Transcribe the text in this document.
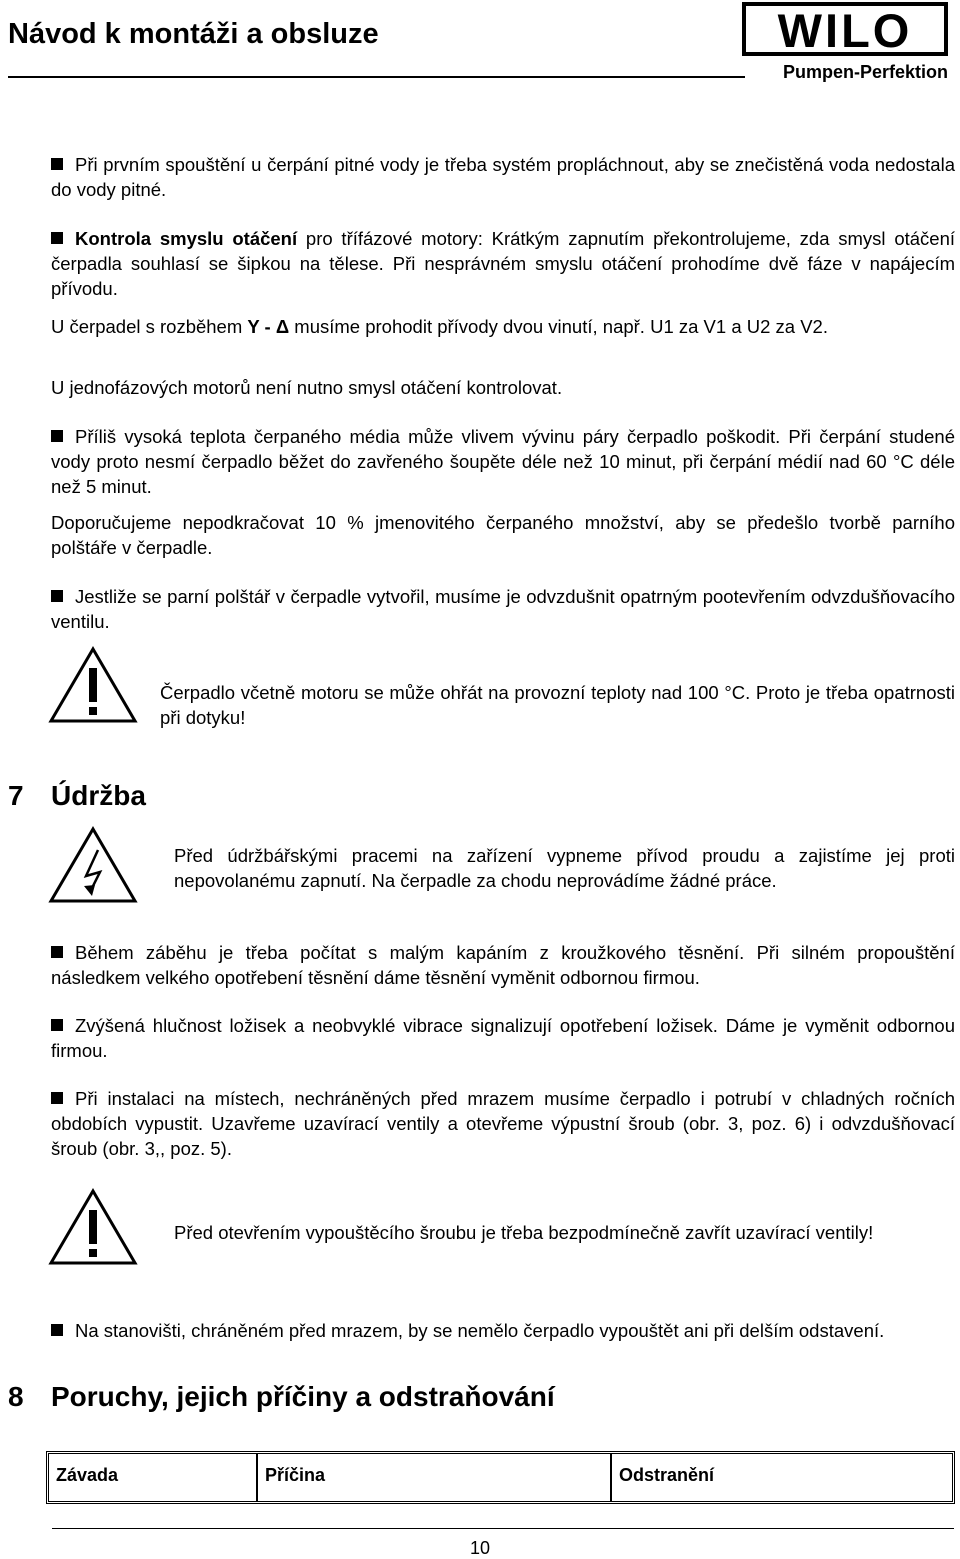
Návod k montáži a obsluze	WILO
Pumpen-Perfektion
Při prvním spouštění u čerpání pitné vody je třeba systém propláchnout, aby se znečistěná voda nedostala do vody pitné.
Kontrola smyslu otáčení pro třífázové motory: Krátkým zapnutím překontrolujeme, zda smysl otáčení čerpadla souhlasí se šipkou na tělese. Při nesprávném smyslu otáčení prohodíme dvě fáze v napájecím přívodu.
U čerpadel s rozběhem Y - Δ musíme prohodit přívody dvou vinutí, např. U1 za V1 a U2 za V2.
U jednofázových motorů není nutno smysl otáčení kontrolovat.
Příliš vysoká teplota čerpaného média může vlivem vývinu páry čerpadlo poškodit. Při čerpání studené vody proto nesmí čerpadlo běžet do zavřeného šoupěte déle než 10 minut, při čerpání médií nad 60 °C déle než 5 minut.
Doporučujeme nepodkračovat 10 % jmenovitého čerpaného množství, aby se předešlo tvorbě parního polštáře v čerpadle.
Jestliže se parní polštář v čerpadle vytvořil, musíme je odvzdušnit opatrným pootevřením odvzdušňovacího ventilu.
Čerpadlo včetně motoru se může ohřát na provozní teploty nad 100 °C. Proto je třeba opatrnosti při dotyku!
7 Údržba
Před údržbářskými pracemi na zařízení vypneme přívod proudu a zajistíme jej proti nepovolanému zapnutí. Na čerpadle za chodu neprovádíme žádné práce.
Během záběhu je třeba počítat s malým kapáním z kroužkového těsnění. Při silném propouštění následkem velkého opotřebení těsnění dáme těsnění vyměnit odbornou firmou.
Zvýšená hlučnost ložisek a neobvyklé vibrace signalizují opotřebení ložisek. Dáme je vyměnit odbornou firmou.
Při instalaci na místech, nechráněných před mrazem musíme čerpadlo i potrubí v chladných ročních obdobích vypustit. Uzavřeme uzavírací ventily a otevřeme výpustní šroub (obr. 3, poz. 6) i odvzdušňovací šroub (obr. 3,, poz. 5).
Před otevřením vypouštěcího šroubu je třeba bezpodmínečně zavřít uzavírací ventily!
Na stanovišti, chráněném před mrazem, by se nemělo čerpadlo vypouštět ani při delším odstavení.
8 Poruchy, jejich příčiny a odstraňování
Závada	Příčina	Odstranění
10
